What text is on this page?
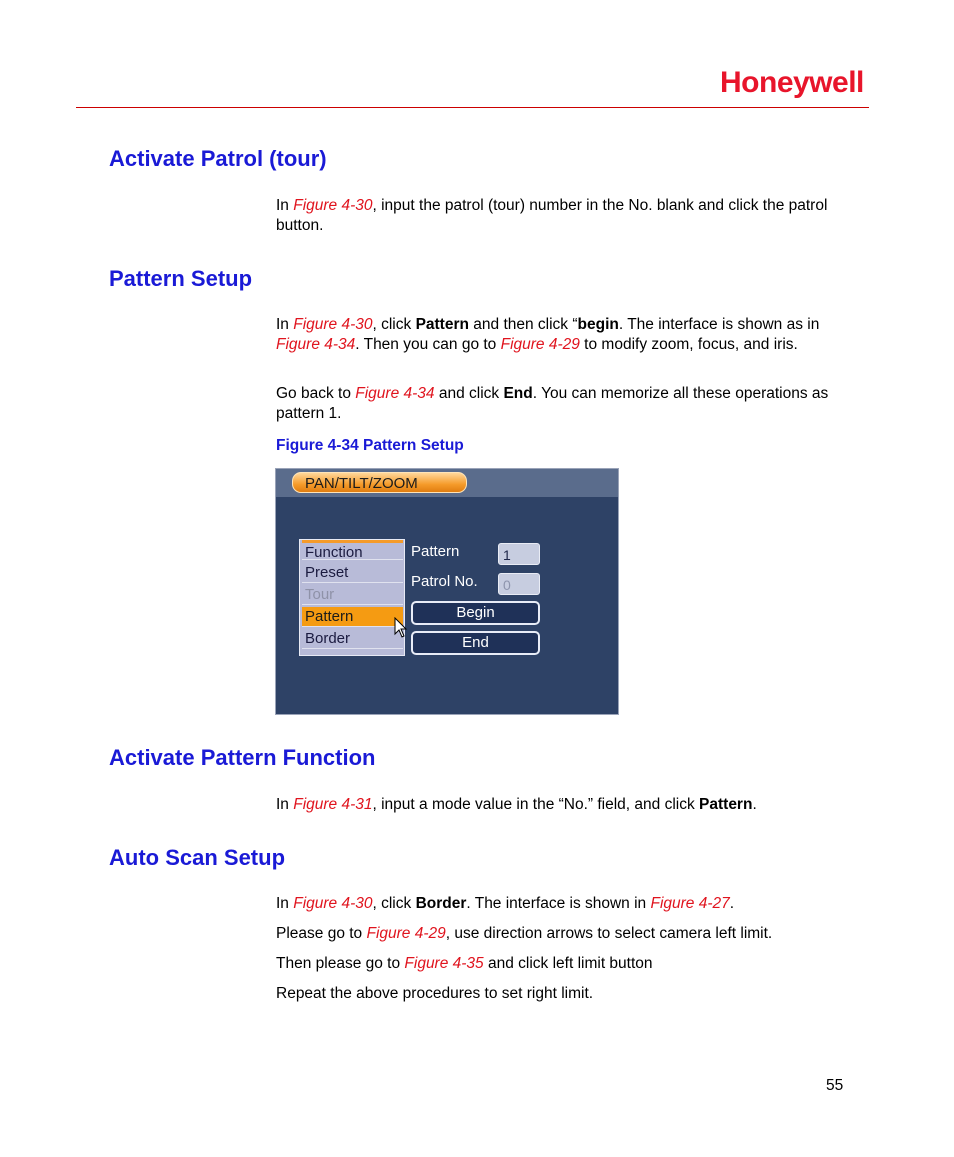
Honeywell
Activate Patrol (tour)

In Figure 4-30, input the patrol (tour) number in the No. blank and click the patrol button.

Pattern Setup

In Figure 4-30, click Pattern and then click “begin. The interface is shown as in Figure 4-34. Then you can go to Figure 4-29 to modify zoom, focus, and iris.

Go back to Figure 4-34 and click End. You can memorize all these operations as pattern 1.

Figure 4-34 Pattern Setup
PAN/TILT/ZOOM
Function
Preset
Tour
Pattern
Border
Pattern	1
Patrol No.	0
Begin
End
Activate Pattern Function

In Figure 4-31, input a mode value in the “No.” field, and click Pattern.

Auto Scan Setup

In Figure 4-30, click Border. The interface is shown in Figure 4-27.

Please go to Figure 4-29, use direction arrows to select camera left limit.

Then please go to Figure 4-35 and click left limit button

Repeat the above procedures to set right limit.

55
